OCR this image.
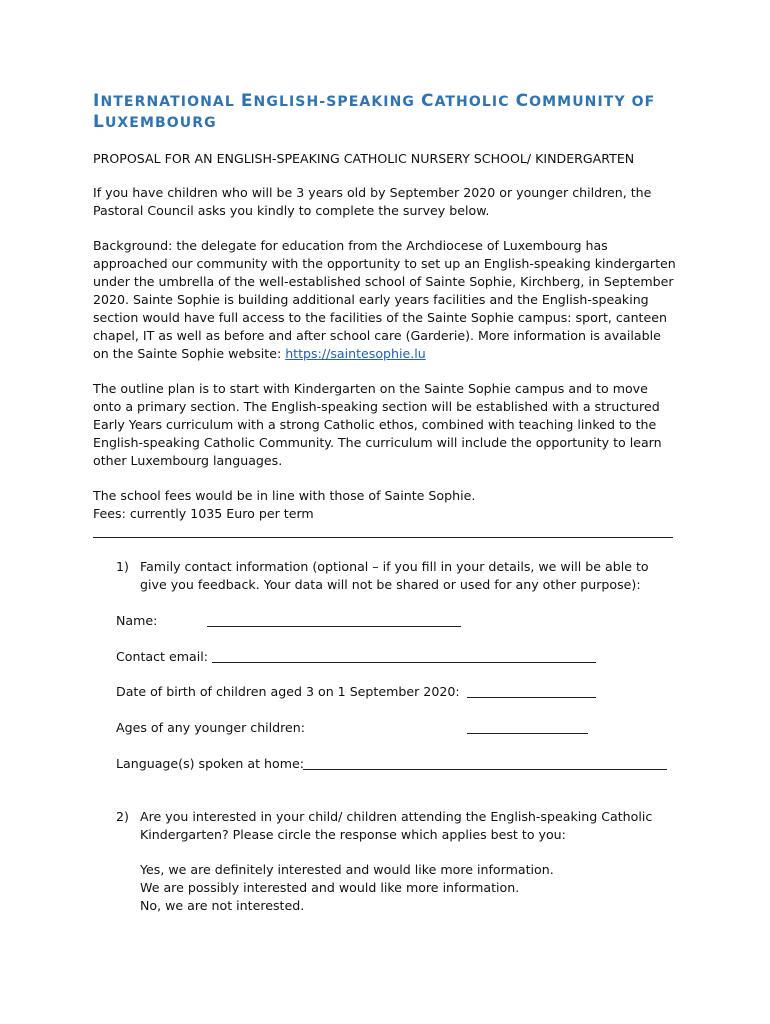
INTERNATIONAL ENGLISH-SPEAKING CATHOLIC COMMUNITY OF
LUXEMBOURG

PROPOSAL FOR AN ENGLISH-SPEAKING CATHOLIC NURSERY SCHOOL/ KINDERGARTEN

If you have children who will be 3 years old by September 2020 or younger children, the
Pastoral Council asks you kindly to complete the survey below.

Background: the delegate for education from the Archdiocese of Luxembourg has
approached our community with the opportunity to set up an English-speaking kindergarten
under the umbrella of the well-established school of Sainte Sophie, Kirchberg, in September
2020. Sainte Sophie is building additional early years facilities and the English-speaking
section would have full access to the facilities of the Sainte Sophie campus: sport, canteen
chapel, IT as well as before and after school care (Garderie). More information is available
on the Sainte Sophie website: https://saintesophie.lu

The outline plan is to start with Kindergarten on the Sainte Sophie campus and to move
onto a primary section. The English-speaking section will be established with a structured
Early Years curriculum with a strong Catholic ethos, combined with teaching linked to the
English-speaking Catholic Community. The curriculum will include the opportunity to learn
other Luxembourg languages.

The school fees would be in line with those of Sainte Sophie.
Fees: currently 1035 Euro per term

1) Family contact information (optional – if you fill in your details, we will be able to
give you feedback. Your data will not be shared or used for any other purpose):
Name:
Contact email:
Date of birth of children aged 3 on 1 September 2020:
Ages of any younger children:
Language(s) spoken at home:
2) Are you interested in your child/ children attending the English-speaking Catholic
Kindergarten? Please circle the response which applies best to you:
Yes, we are definitely interested and would like more information.
We are possibly interested and would like more information.
No, we are not interested.
